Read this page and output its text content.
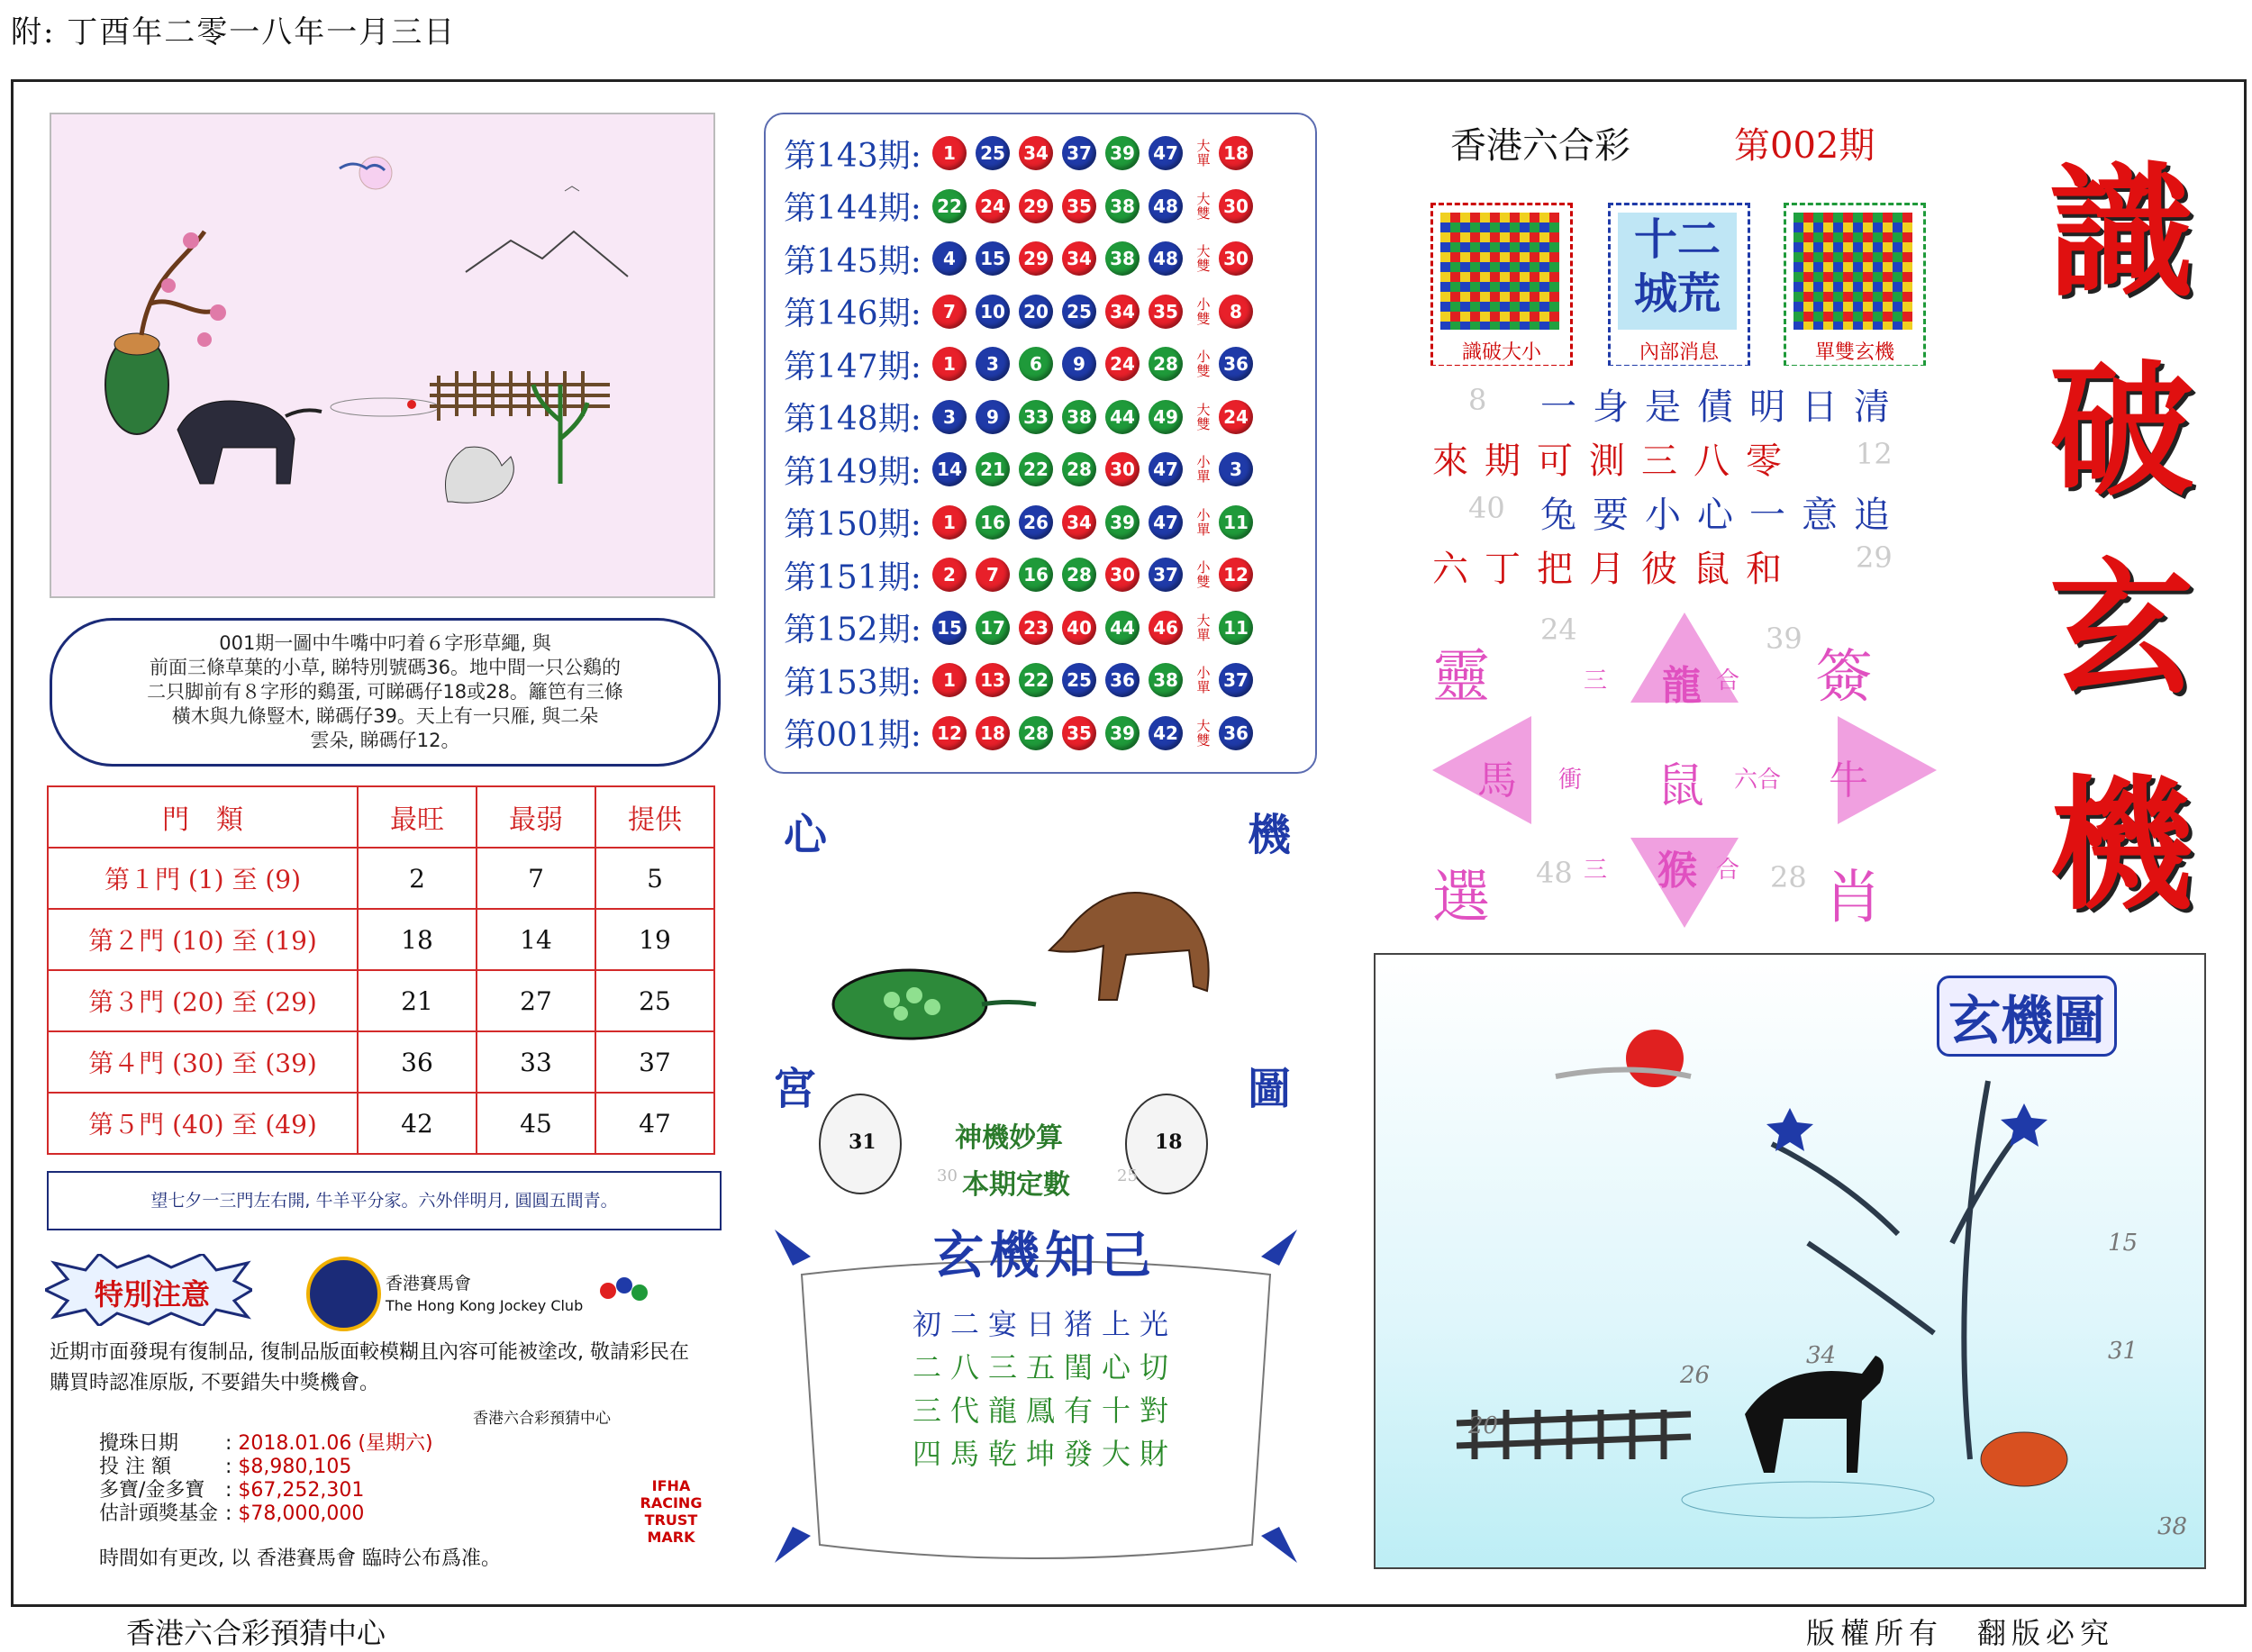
附: 丁酉年二零一八年一月三日
001期一圖中牛嘴中叼着６字形草繩, 與
前面三條草葉的小草, 睇特別號碼36。地中間一只公鷄的
二只脚前有８字形的鷄蛋, 可睇碼仔18或28。籬笆有三條
橫木與九條豎木, 睇碼仔39。天上有一只雁, 與二朵
雲朵, 睇碼仔12。
門　類	最旺	最弱	提供
第１門 (1) 至 (9)	2	7	5
第２門 (10) 至 (19)	18	14	19
第３門 (20) 至 (29)	21	27	25
第４門 (30) 至 (39)	36	33	37
第５門 (40) 至 (49)	42	45	47
望七夕一三門左右開, 牛羊平分家。六外伴明月, 圓圓五間青。
特別注意	香港賽馬會
The Hong Kong Jockey Club
近期市面發現有復制品, 復制品版面較模糊且內容可能被塗改, 敬請彩民在購買時認准原版, 不要錯失中獎機會。
香港六合彩預猜中心
攪珠日期 : 2018.01.06 (星期六)
投 注 額	: $8,980,105
多寶/金多寶 : $67,252,301
估計頭獎基金 : $78,000,000
時間如有更改, 以 香港賽馬會 臨時公布爲准。
IFHA RACING TRUST MARK
心	機
宮	圖
31	18
30	25
神機妙算
本期定數
玄機知己
初二宴日猪上光
二八三五閨心切
三代龍鳳有十對
四馬乾坤發大財
香港六合彩	第002期
識破大小
十二城荒
內部消息	單雙玄機
一身是債明日清
來期可測三八零
兔要小心一意追
六丁把月彼鼠和
8
12
40
29
龍
猴
馬	牛
鼠
三	合
衝	六合
三	合
靈	簽
選	肖
24	39
48	28
識
破
玄
機
玄機圖
15
20
26
34	31
38
香港六合彩預猜中心	版權所有　翻版必究
第143期:	1	25 34 37 39 47	大單 18
第144期: 22 24 29 35 38 48	大雙 30
第145期:	4	15 29 34 38 48	大雙 30
第146期:	7	10 20 25 34 35	小雙	8
第147期:	1	3	6	9	24 28	小雙 36
第148期:	3	9	33 38 44 49	大雙 24
第149期: 14 21 22 28 30 47	小單	3
第150期:	1	16 26 34 39 47	小單 11
第151期:	2	7	16 28 30 37	小雙 12
第152期: 15 17 23 40 44 46	大單 11
第153期:	1	13 22 25 36 38	小單 37
第001期: 12 18 28 35 39 42	大雙 36
